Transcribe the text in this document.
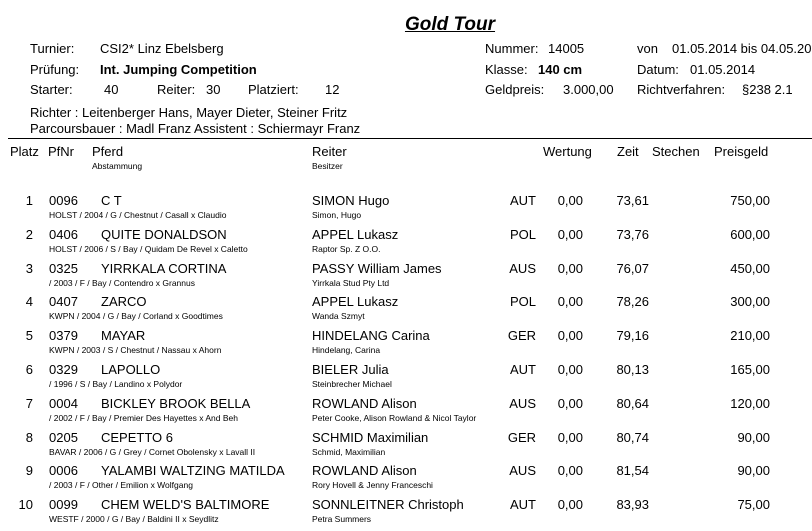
Gold Tour
Turnier: CSI2* Linz Ebelsberg
Prüfung: Int. Jumping Competition
Starter: 40	Reiter: 30 Platziert: 12
Nummer: 14005
Klasse: 140 cm
Geldpreis: 3.000,00
von 01.05.2014 bis 04.05.20
Datum: 01.05.2014
Richtverfahren: §238 2.1
Richter : Leitenberger Hans, Mayer Dieter, Steiner Fritz
Parcoursbauer : Madl Franz Assistent : Schiermayr Franz
Platz PfNr Pferd
Abstammung
Reiter
Besitzer
Wertung Zeit Stechen Preisgeld
1 0096 C T
HOLST / 2004 / G / Chestnut / Casall x Claudio
SIMON Hugo
Simon, Hugo
AUT	0,00	73,61	750,00
2 0406 QUITE DONALDSON
HOLST / 2006 / S / Bay / Quidam De Revel x Caletto
APPEL Lukasz
Raptor Sp. Z O.O.
POL	0,00	73,76	600,00
3 0325 YIRRKALA CORTINA
/ 2003 / F / Bay / Contendro x Grannus
PASSY William James
Yirrkala Stud Pty Ltd
AUS	0,00	76,07	450,00
4 0407 ZARCO
KWPN / 2004 / G / Bay / Corland x Goodtimes
APPEL Lukasz
Wanda Szmyt
POL	0,00	78,26	300,00
5 0379 MAYAR
KWPN / 2003 / S / Chestnut / Nassau x Ahorn
HINDELANG Carina
Hindelang, Carina
GER	0,00	79,16	210,00
6 0329 LAPOLLO
/ 1996 / S / Bay / Landino x Polydor
BIELER Julia
Steinbrecher Michael
AUT	0,00	80,13	165,00
7 0004 BICKLEY BROOK BELLA
/ 2002 / F / Bay / Premier Des Hayettes x And Beh
ROWLAND Alison
Peter Cooke, Alison Rowland & Nicol Taylor
AUS	0,00	80,64	120,00
8 0205 CEPETTO 6
BAVAR / 2006 / G / Grey / Cornet Obolensky x Lavall II
SCHMID Maximilian
Schmid, Maximilian
GER	0,00	80,74	90,00
9 0006 YALAMBI WALTZING MATILDA
/ 2003 / F / Other / Emilion x Wolfgang
ROWLAND Alison
Rory Hovell & Jenny Franceschi
AUS	0,00	81,54	90,00
10 0099 CHEM WELD'S BALTIMORE
WESTF / 2000 / G / Bay / Baldini II x Seydlitz
SONNLEITNER Christoph
Petra Summers
AUT	0,00	83,93	75,00
